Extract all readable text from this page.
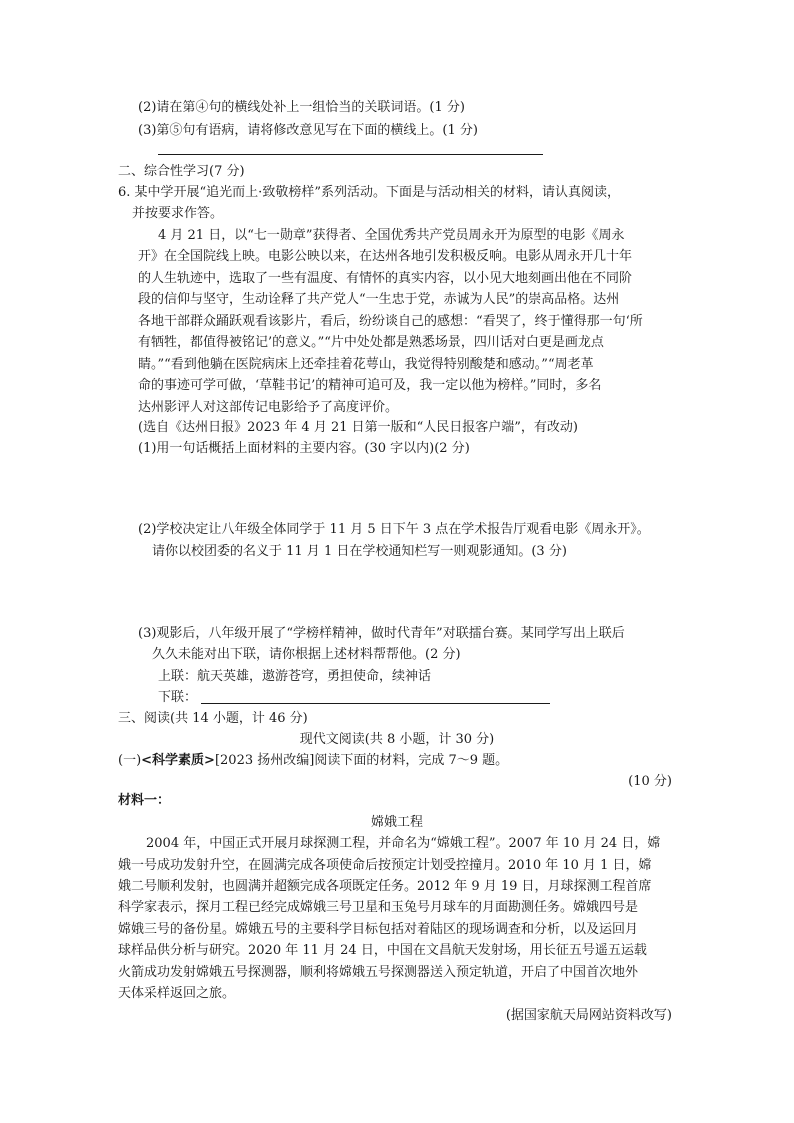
(2)请在第④句的横线处补上一组恰当的关联词语。(1 分)
(3)第⑤句有语病，请将修改意见写在下面的横线上。(1 分)
二、综合性学习(7 分)
6. 某中学开展“追光而上·致敬榜样”系列活动。下面是与活动相关的材料，请认真阅读，
并按要求作答。
4 月 21 日，以“七一勋章”获得者、全国优秀共产党员周永开为原型的电影《周永
开》在全国院线上映。电影公映以来，在达州各地引发积极反响。电影从周永开几十年
的人生轨迹中，选取了一些有温度、有情怀的真实内容，以小见大地刻画出他在不同阶
段的信仰与坚守，生动诠释了共产党人“一生忠于党，赤诚为人民”的崇高品格。达州
各地干部群众踊跃观看该影片，看后，纷纷谈自己的感想：“看哭了，终于懂得那一句‘所
有牺牲，都值得被铭记’的意义。”“片中处处都是熟悉场景，四川话对白更是画龙点
睛。”“看到他躺在医院病床上还牵挂着花萼山，我觉得特别酸楚和感动。”“周老革
命的事迹可学可做，‘草鞋书记’的精神可追可及，我一定以他为榜样。”同时，多名
达州影评人对这部传记电影给予了高度评价。
(选自《达州日报》2023 年 4 月 21 日第一版和“人民日报客户端”，有改动)
(1)用一句话概括上面材料的主要内容。(30 字以内)(2 分)
(2)学校决定让八年级全体同学于 11 月 5 日下午 3 点在学术报告厅观看电影《周永开》。
请你以校团委的名义于 11 月 1 日在学校通知栏写一则观影通知。(3 分)
(3)观影后，八年级开展了“学榜样精神，做时代青年”对联擂台赛。某同学写出上联后
久久未能对出下联，请你根据上述材料帮帮他。(2 分)
上联：航天英雄，遨游苍穹，勇担使命，续神话
下联：
三、阅读(共 14 小题，计 46 分)
现代文阅读(共 8 小题，计 30 分)
(一)<科学素质>[2023 扬州改编]阅读下面的材料，完成 7～9 题。
(10 分)
材料一：
嫦娥工程
2004 年，中国正式开展月球探测工程，并命名为“嫦娥工程”。2007 年 10 月 24 日，嫦
娥一号成功发射升空，在圆满完成各项使命后按预定计划受控撞月。2010 年 10 月 1 日，嫦
娥二号顺利发射，也圆满并超额完成各项既定任务。2012 年 9 月 19 日，月球探测工程首席
科学家表示，探月工程已经完成嫦娥三号卫星和玉兔号月球车的月面勘测任务。嫦娥四号是
嫦娥三号的备份星。嫦娥五号的主要科学目标包括对着陆区的现场调查和分析，以及运回月
球样品供分析与研究。2020 年 11 月 24 日，中国在文昌航天发射场，用长征五号遥五运载
火箭成功发射嫦娥五号探测器，顺利将嫦娥五号探测器送入预定轨道，开启了中国首次地外
天体采样返回之旅。
(据国家航天局网站资料改写)
